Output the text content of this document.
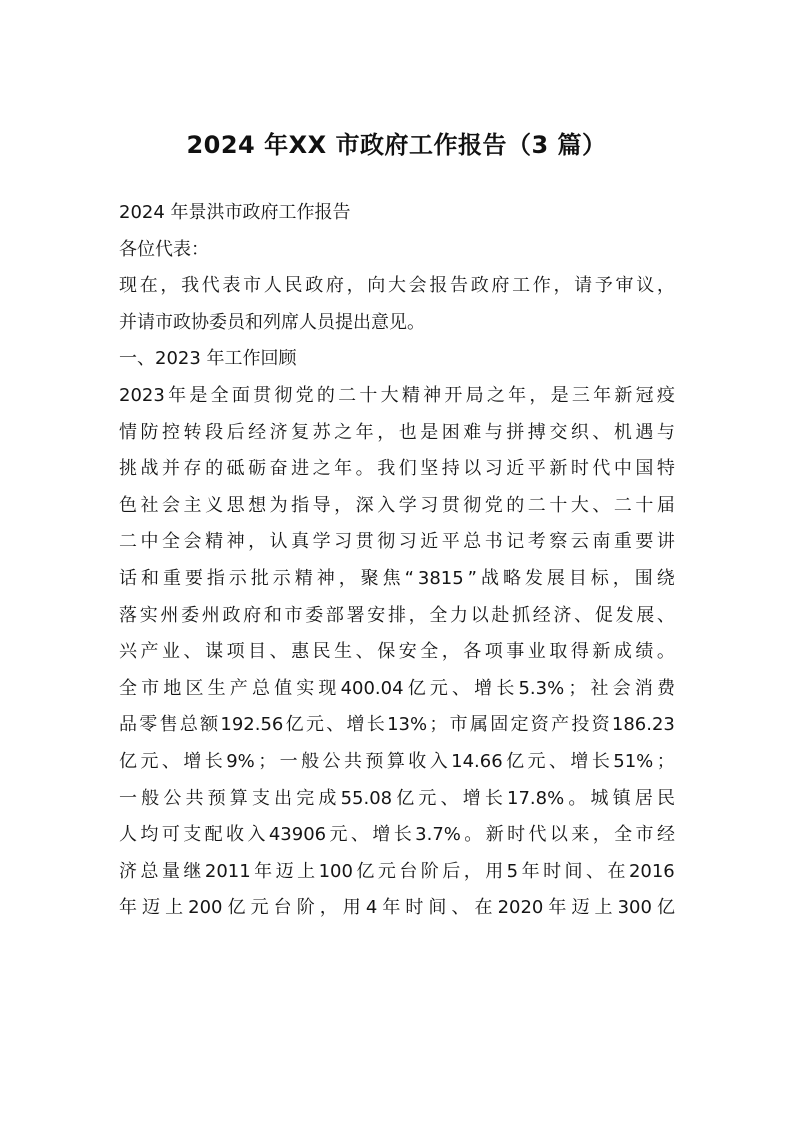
2024 年XX 市政府工作报告（3 篇）
2024 年景洪市政府工作报告
各位代表：
现 在 ， 我 代 表 市 人 民 政 府 ， 向 大 会 报 告 政 府 工 作 ， 请 予 审 议 ，
并请市政协委员和列席人员提出意见。
一、2023 年工作回顾
2023 年 是 全 面 贯 彻 党 的 二 十 大 精 神 开 局 之 年 ， 是 三 年 新 冠 疫
情 防 控 转 段 后 经 济 复 苏 之 年 ， 也 是 困 难 与 拼 搏 交 织 、 机 遇 与
挑 战 并 存 的 砥 砺 奋 进 之 年 。 我 们 坚 持 以 习 近 平 新 时 代 中 国 特
色 社 会 主 义 思 想 为 指 导 ， 深 入 学 习 贯 彻 党 的 二 十 大 、 二 十 届
二 中 全 会 精 神 ， 认 真 学 习 贯 彻 习 近 平 总 书 记 考 察 云 南 重 要 讲
话 和 重 要 指 示 批 示 精 神 ， 聚 焦 “ 3815 ” 战 略 发 展 目 标 ， 围 绕
落 实 州 委 州 政 府 和 市 委 部 署 安 排 ， 全 力 以 赴 抓 经 济 、 促 发 展 、
兴 产 业 、 谋 项 目 、 惠 民 生 、 保 安 全 ， 各 项 事 业 取 得 新 成 绩 。
全 市 地 区 生 产 总 值 实 现 400.04 亿 元 、 增 长 5.3% ； 社 会 消 费
品 零 售 总 额 192.56 亿 元 、 增 长 13% ； 市 属 固 定 资 产 投 资 186.23
亿 元 、 增 长 9% ； 一 般 公 共 预 算 收 入 14.66 亿 元 、 增 长 51% ；
一 般 公 共 预 算 支 出 完 成 55.08 亿 元 、 增 长 17.8% 。 城 镇 居 民
人 均 可 支 配 收 入 43906 元 、 增 长 3.7% 。 新 时 代 以 来 ， 全 市 经
济 总 量 继 2011 年 迈 上 100 亿 元 台 阶 后 ， 用 5 年 时 间 、 在 2016
年 迈 上 200 亿 元 台 阶 ， 用 4 年 时 间 、 在 2020 年 迈 上 300 亿
